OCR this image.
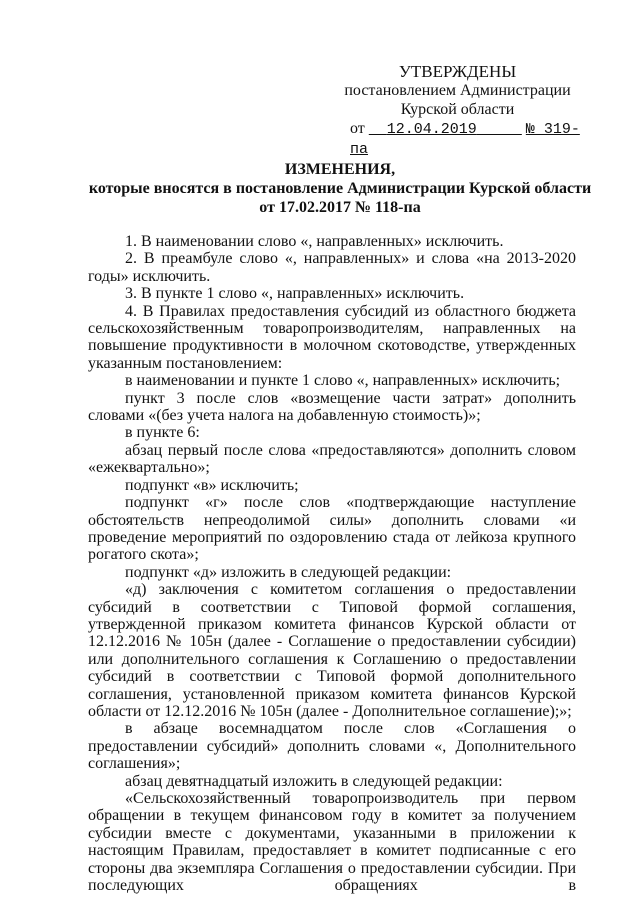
УТВЕРЖДЕНЫ
постановлением Администрации
Курской области
от 12.04.2019	№ 319-па
ИЗМЕНЕНИЯ,
которые вносятся в постановление Администрации Курской области
от 17.02.2017 № 118-па

1. В наименовании слово «, направленных» исключить.

2. В преамбуле слово «, направленных» и слова «на 2013-2020 годы» исключить.

3. В пункте 1 слово «, направленных» исключить.

4. В Правилах предоставления субсидий из областного бюджета сельскохозяйственным товаропроизводителям, направленных на повышение продуктивности в молочном скотоводстве, утвержденных указанным постановлением:

в наименовании и пункте 1 слово «, направленных» исключить;

пункт 3 после слов «возмещение части затрат» дополнить словами «(без учета налога на добавленную стоимость)»;

в пункте 6:

абзац первый после слова «предоставляются» дополнить словом «ежеквартально»;

подпункт «в» исключить;

подпункт «г» после слов «подтверждающие наступление обстоятельств непреодолимой силы» дополнить словами «и проведение мероприятий по оздоровлению стада от лейкоза крупного рогатого скота»;

подпункт «д» изложить в следующей редакции:

«д) заключения с комитетом соглашения о предоставлении субсидий в соответствии с Типовой формой соглашения, утвержденной приказом комитета финансов Курской области от 12.12.2016 № 105н (далее - Соглашение о предоставлении субсидии) или дополнительного соглашения к Соглашению о предоставлении субсидий в соответствии с Типовой формой дополнительного соглашения, установленной приказом комитета финансов Курской области от 12.12.2016 № 105н (далее - Дополнительное соглашение);»;

в абзаце восемнадцатом после слов «Соглашения о предоставлении субсидий» дополнить словами «, Дополнительного соглашения»;

абзац девятнадцатый изложить в следующей редакции:

«Сельскохозяйственный товаропроизводитель при первом обращении в текущем финансовом году в комитет за получением субсидии вместе с документами, указанными в приложении к настоящим Правилам, предоставляет в комитет подписанные с его стороны два экземпляра Соглашения о предоставлении субсидии. При последующих обращениях в
